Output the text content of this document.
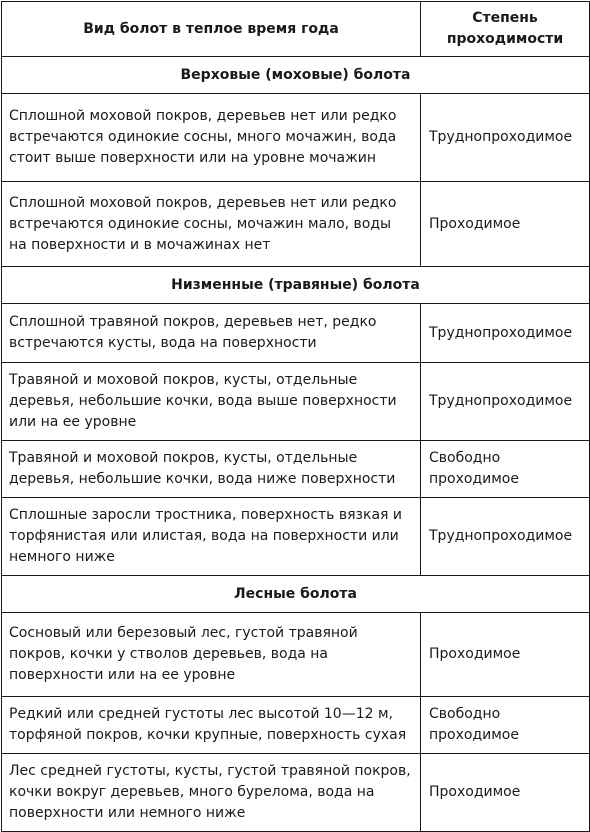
Вид болот в теплое время года	Степень проходимости
Верховые (моховые) болота	
Сплошной моховой покров, деревьев нет или редко встречаются одинокие сосны, много мочажин, вода стоит выше поверхности или на уровне мочажин	Труднопроходимое
Сплошной моховой покров, деревьев нет или редко встречаются одинокие сосны, мочажин мало, воды на поверхности и в мочажинах нет	Проходимое
Низменные (травяные) болота	
Сплошной травяной покров, деревьев нет, редко встречаются кусты, вода на поверхности	Труднопроходимое
Травяной и моховой покров, кусты, отдельные деревья, небольшие кочки, вода выше поверхности или на ее уровне	Труднопроходимое
Травяной и моховой покров, кусты, отдельные деревья, небольшие кочки, вода ниже поверхности	Свободно проходимое
Сплошные заросли тростника, поверхность вязкая и торфянистая или илистая, вода на поверхности или немного ниже	Труднопроходимое
Лесные болота	
Сосновый или березовый лес, густой травяной покров, кочки у стволов деревьев, вода на поверхности или на ее уровне	Проходимое
Редкий или средней густоты лес высотой 10—12 м, торфяной покров, кочки крупные, поверхность сухая	Свободно проходимое
Лес средней густоты, кусты, густой травяной покров, кочки вокруг деревьев, много бурелома, вода на поверхности или немного ниже	Проходимое
